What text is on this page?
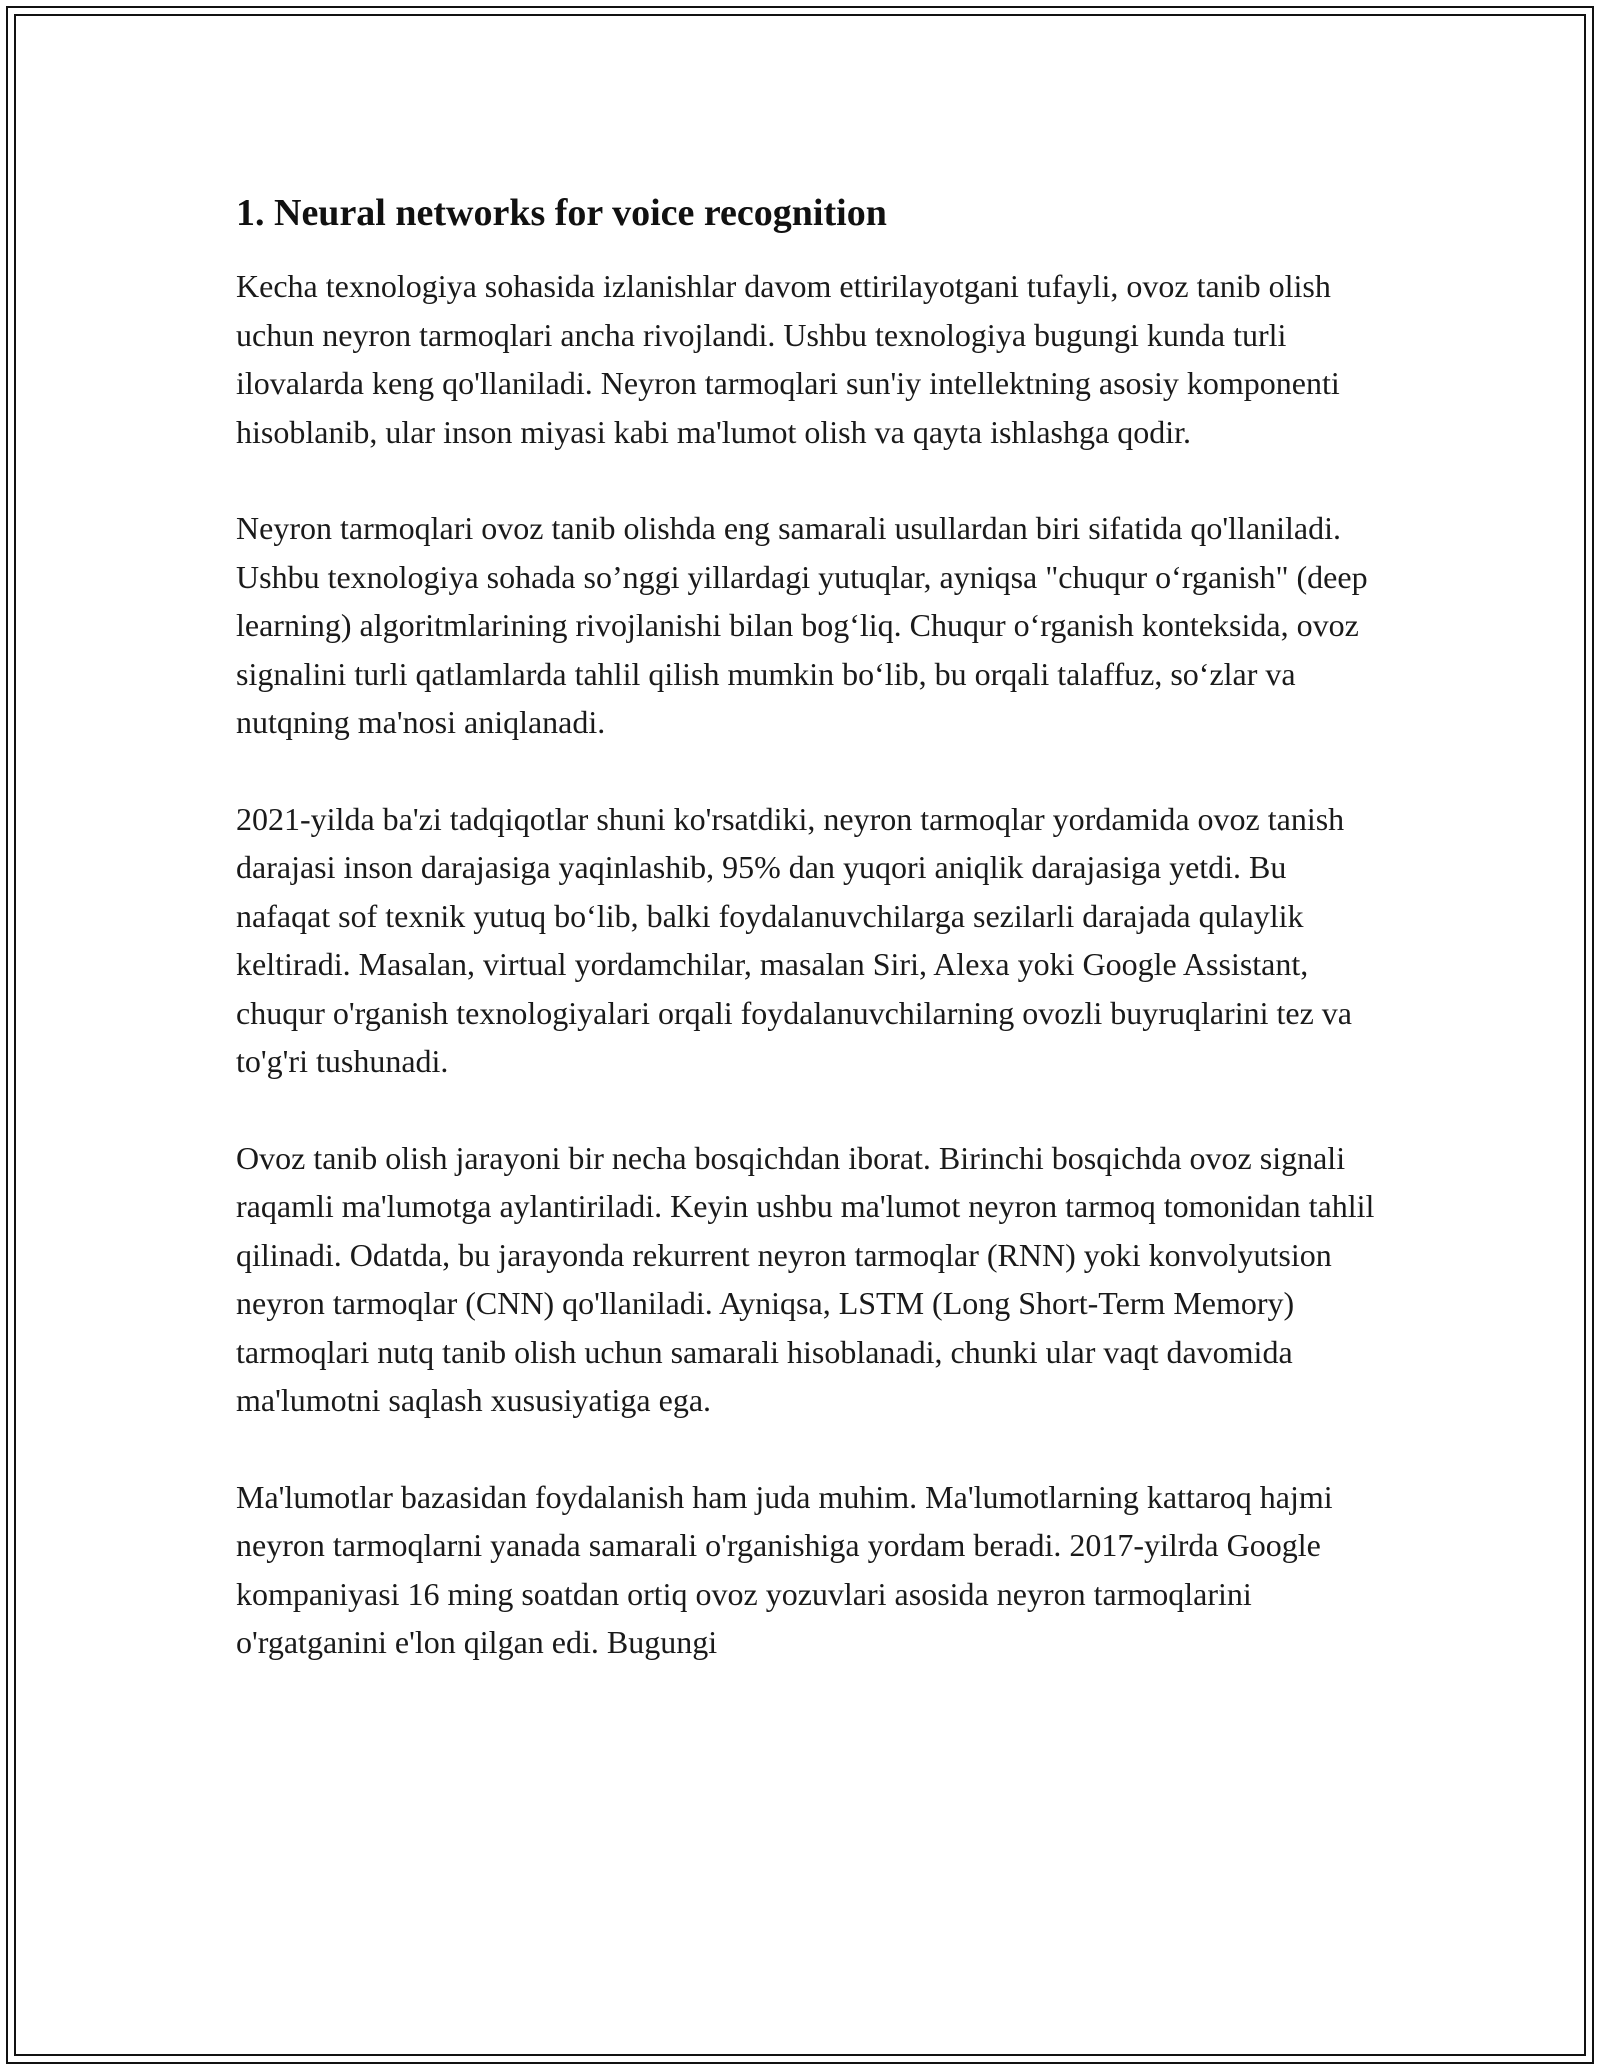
1. Neural networks for voice recognition

Kecha texnologiya sohasida izlanishlar davom ettirilayotgani tufayli, ovoz tanib olish uchun neyron tarmoqlari ancha rivojlandi. Ushbu texnologiya bugungi kunda turli ilovalarda keng qo'llaniladi. Neyron tarmoqlari sun'iy intellektning asosiy komponenti hisoblanib, ular inson miyasi kabi ma'lumot olish va qayta ishlashga qodir.

Neyron tarmoqlari ovoz tanib olishda eng samarali usullardan biri sifatida qo'llaniladi. Ushbu texnologiya sohada so’nggi yillardagi yutuqlar, ayniqsa "chuqur o‘rganish" (deep learning) algoritmlarining rivojlanishi bilan bog‘liq. Chuqur o‘rganish konteksida, ovoz signalini turli qatlamlarda tahlil qilish mumkin bo‘lib, bu orqali talaffuz, so‘zlar va nutqning ma'nosi aniqlanadi.

2021-yilda ba'zi tadqiqotlar shuni ko'rsatdiki, neyron tarmoqlar yordamida ovoz tanish darajasi inson darajasiga yaqinlashib, 95% dan yuqori aniqlik darajasiga yetdi. Bu nafaqat sof texnik yutuq bo‘lib, balki foydalanuvchilarga sezilarli darajada qulaylik keltiradi. Masalan, virtual yordamchilar, masalan Siri, Alexa yoki Google Assistant, chuqur o'rganish texnologiyalari orqali foydalanuvchilarning ovozli buyruqlarini tez va to'g'ri tushunadi.

Ovoz tanib olish jarayoni bir necha bosqichdan iborat. Birinchi bosqichda ovoz signali raqamli ma'lumotga aylantiriladi. Keyin ushbu ma'lumot neyron tarmoq tomonidan tahlil qilinadi. Odatda, bu jarayonda rekurrent neyron tarmoqlar (RNN) yoki konvolyutsion neyron tarmoqlar (CNN) qo'llaniladi. Ayniqsa, LSTM (Long Short-Term Memory) tarmoqlari nutq tanib olish uchun samarali hisoblanadi, chunki ular vaqt davomida ma'lumotni saqlash xususiyatiga ega.

Ma'lumotlar bazasidan foydalanish ham juda muhim. Ma'lumotlarning kattaroq hajmi neyron tarmoqlarni yanada samarali o'rganishiga yordam beradi. 2017-yilrda Google kompaniyasi 16 ming soatdan ortiq ovoz yozuvlari asosida neyron tarmoqlarini o'rgatganini e'lon qilgan edi. Bugungi
